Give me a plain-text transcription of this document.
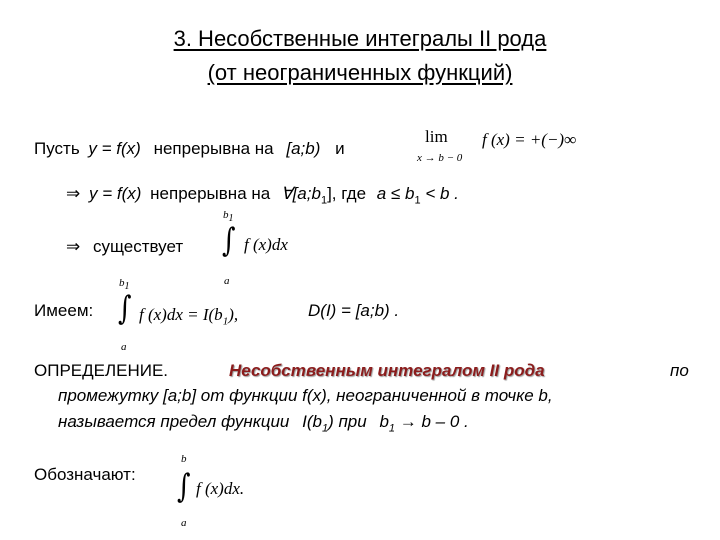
3. Несобственные интегралы II рода
(от неограниченных функций)
Пусть y = f(x) непрерывна на [a;b) и
lim
x → b − 0
f (x) = +(−)∞
⇒ y = f(x) непрерывна на $\forall[a;b_1]$, где $a \le b_1 < b$ .
⇒ существует
$b_1$
∫
a
f (x)dx
Имеем:
$b_1$
∫
a
f $(x)dx = I(b_1)$,	D(I) = [a;b) .
ОПРЕДЕЛЕНИЕ.	Несобственным интегралом II рода	по
промежутку [a;b] от функции f(x), неограниченной в точке b,
называется предел функции $I(b_1)$ при $b_1 \to b - 0$ .
Обозначают:
b
∫
a
f (x)dx.
